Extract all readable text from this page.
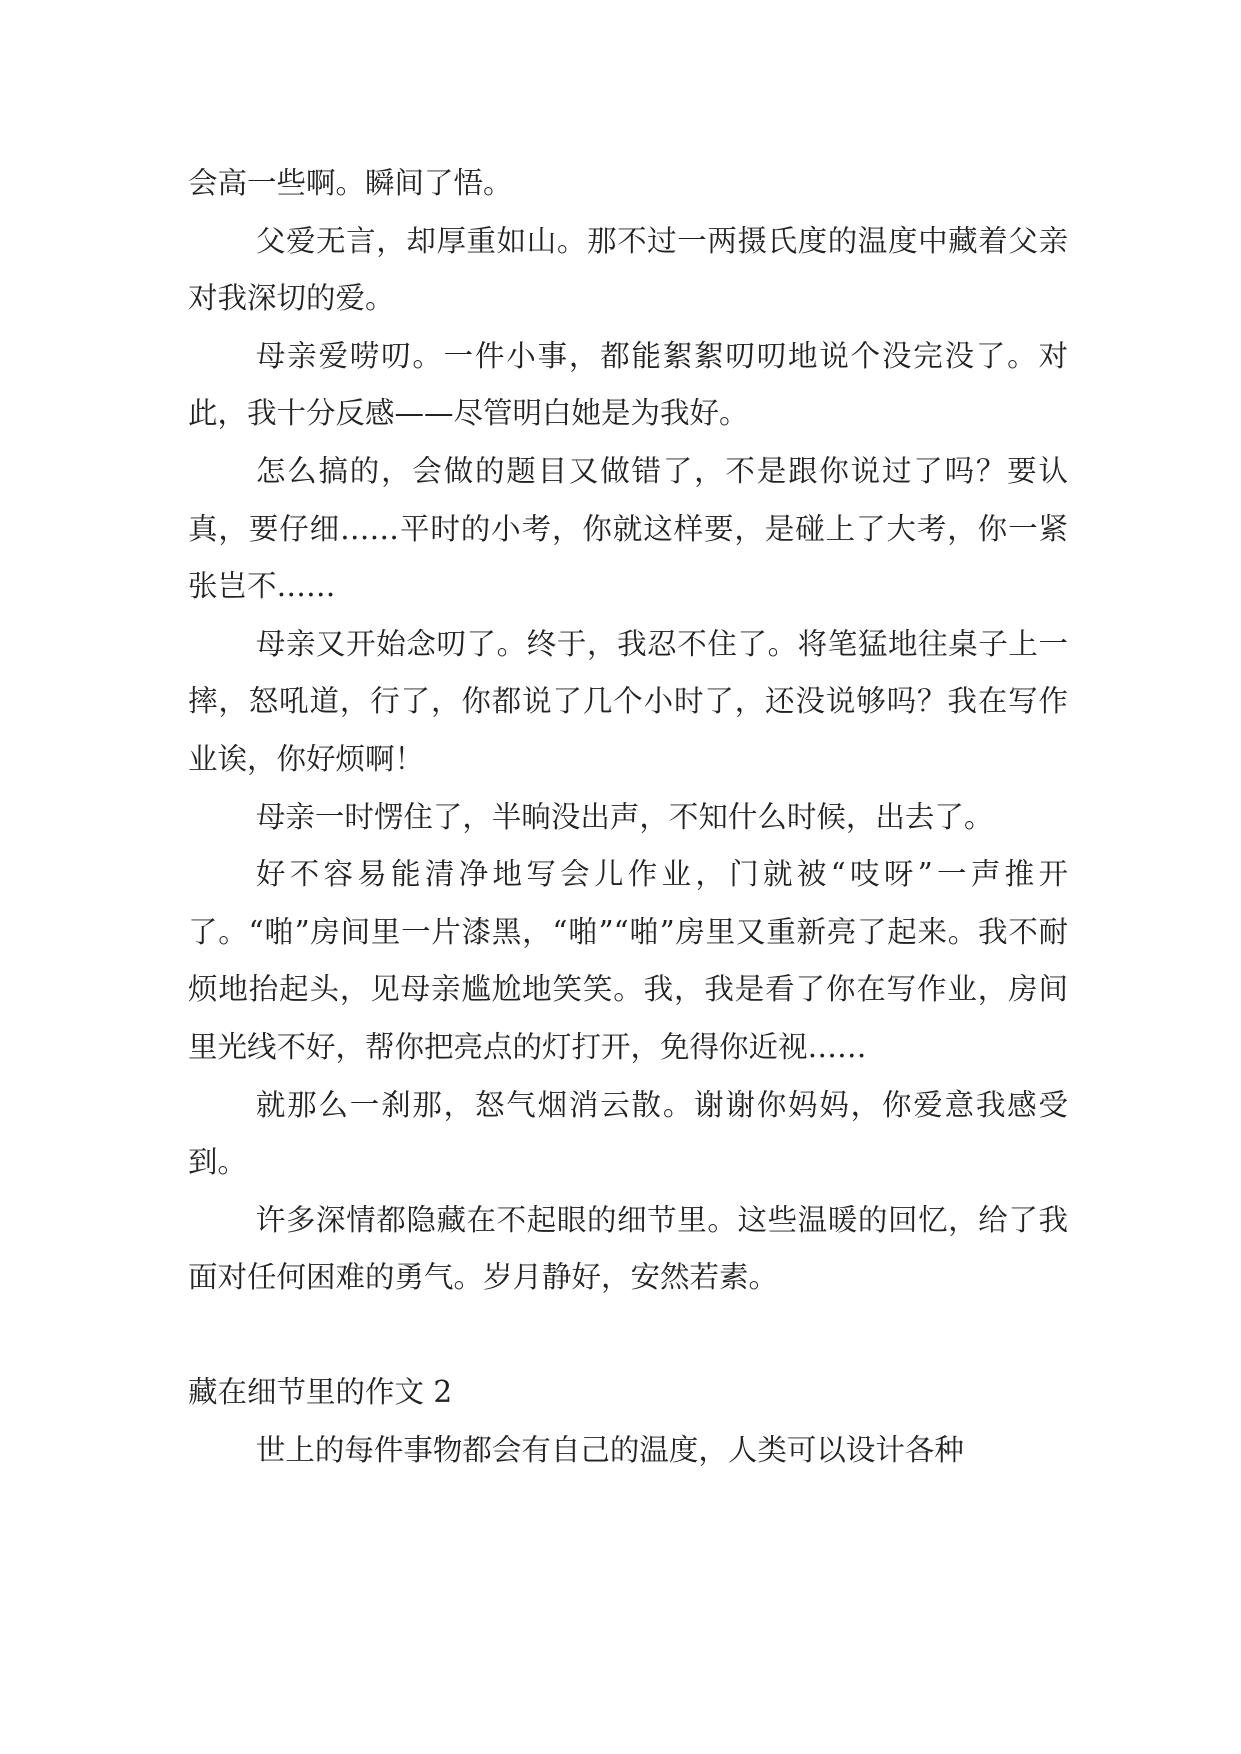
会高一些啊。瞬间了悟。

父爱无言，却厚重如山。那不过一两摄氏度的温度中藏着父亲对我深切的爱。

母亲爱唠叨。一件小事，都能絮絮叨叨地说个没完没了。对此，我十分反感——尽管明白她是为我好。

怎么搞的，会做的题目又做错了，不是跟你说过了吗？要认真，要仔细……平时的小考，你就这样要，是碰上了大考，你一紧张岂不……

母亲又开始念叨了。终于，我忍不住了。将笔猛地往桌子上一摔，怒吼道，行了，你都说了几个小时了，还没说够吗？我在写作业诶，你好烦啊！

母亲一时愣住了，半晌没出声，不知什么时候，出去了。

好不容易能清净地写会儿作业，门就被“吱呀”一声推开了。“啪”房间里一片漆黑，“啪”“啪”房里又重新亮了起来。我不耐烦地抬起头，见母亲尴尬地笑笑。我，我是看了你在写作业，房间里光线不好，帮你把亮点的灯打开，免得你近视……

就那么一刹那，怒气烟消云散。谢谢你妈妈，你爱意我感受到。

许多深情都隐藏在不起眼的细节里。这些温暖的回忆，给了我面对任何困难的勇气。岁月静好，安然若素。

藏在细节里的作文 2

世上的每件事物都会有自己的温度，人类可以设计各种
